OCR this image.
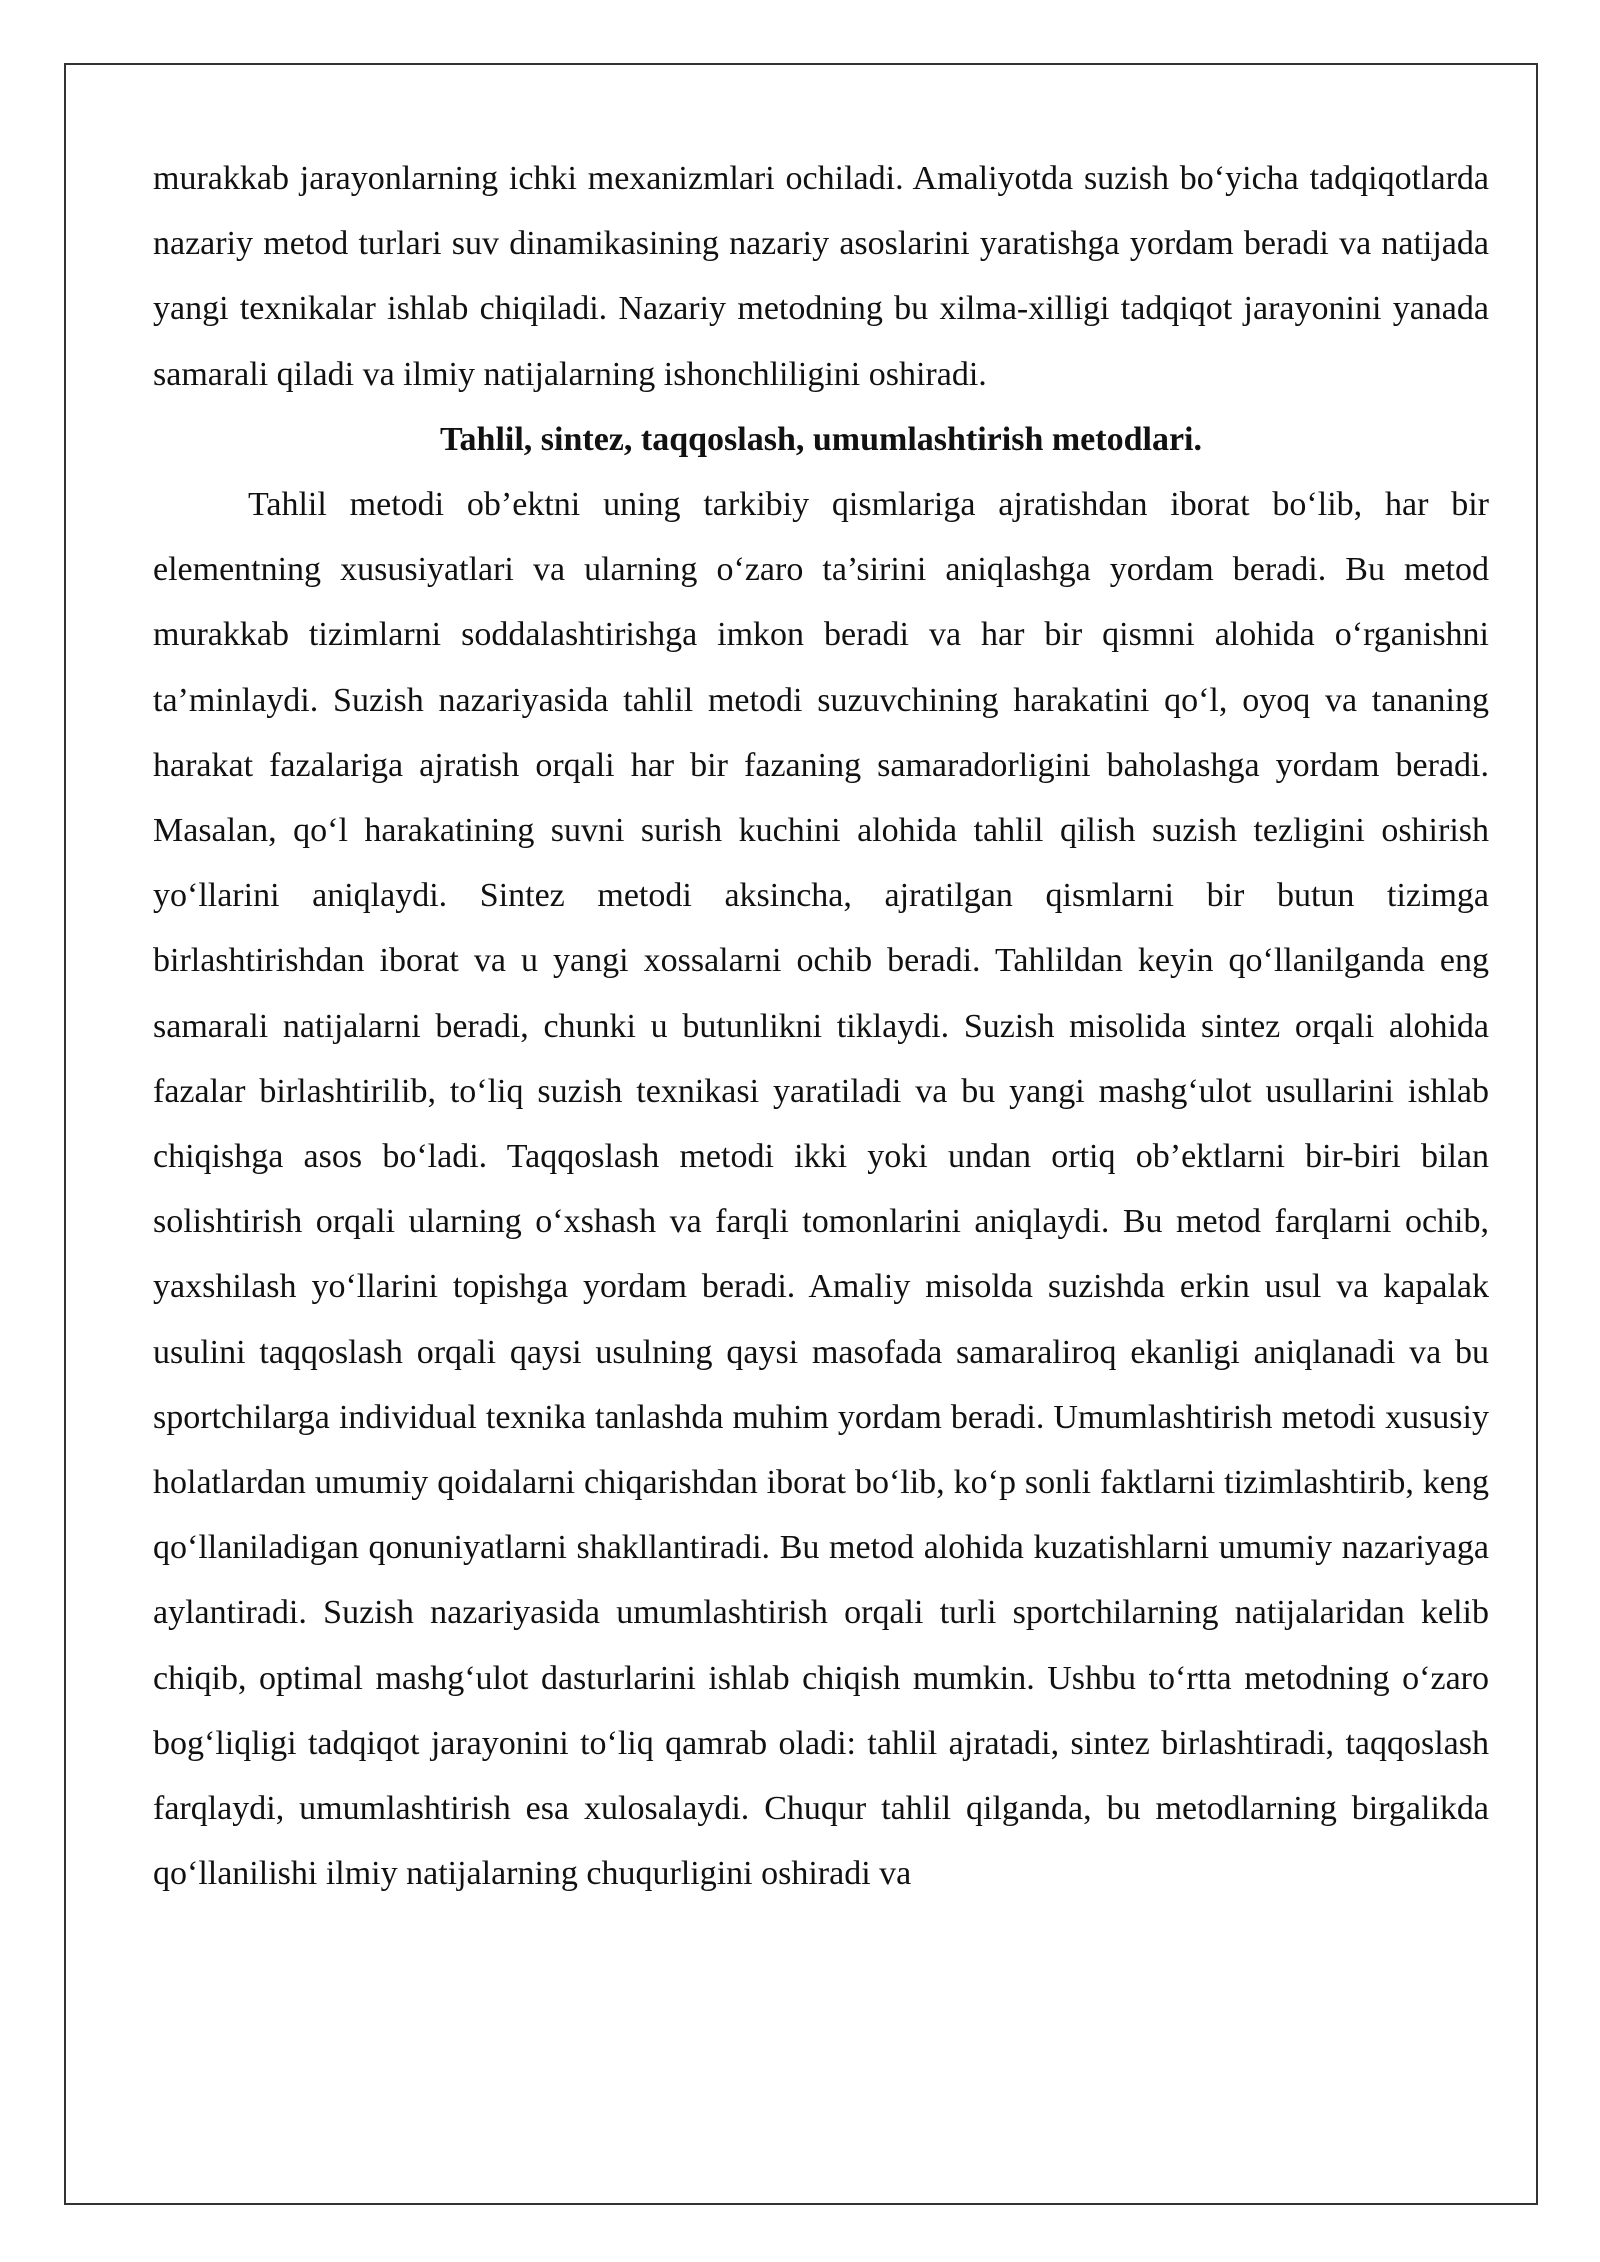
murakkab jarayonlarning ichki mexanizmlari ochiladi. Amaliyotda suzish bo‘yicha tadqiqotlarda nazariy metod turlari suv dinamikasining nazariy asoslarini yaratishga yordam beradi va natijada yangi texnikalar ishlab chiqiladi. Nazariy metodning bu xilma-xilligi tadqiqot jarayonini yanada samarali qiladi va ilmiy natijalarning ishonchliligini oshiradi.

Tahlil, sintez, taqqoslash, umumlashtirish metodlari.

Tahlil metodi ob’ektni uning tarkibiy qismlariga ajratishdan iborat bo‘lib, har bir elementning xususiyatlari va ularning o‘zaro ta’sirini aniqlashga yordam beradi. Bu metod murakkab tizimlarni soddalashtirishga imkon beradi va har bir qismni alohida o‘rganishni ta’minlaydi. Suzish nazariyasida tahlil metodi suzuvchining harakatini qo‘l, oyoq va tananing harakat fazalariga ajratish orqali har bir fazaning samaradorligini baholashga yordam beradi. Masalan, qo‘l harakatining suvni surish kuchini alohida tahlil qilish suzish tezligini oshirish yo‘llarini aniqlaydi. Sintez metodi aksincha, ajratilgan qismlarni bir butun tizimga birlashtirishdan iborat va u yangi xossalarni ochib beradi. Tahlildan keyin qo‘llanilganda eng samarali natijalarni beradi, chunki u butunlikni tiklaydi. Suzish misolida sintez orqali alohida fazalar birlashtirilib, to‘liq suzish texnikasi yaratiladi va bu yangi mashg‘ulot usullarini ishlab chiqishga asos bo‘ladi. Taqqoslash metodi ikki yoki undan ortiq ob’ektlarni bir-biri bilan solishtirish orqali ularning o‘xshash va farqli tomonlarini aniqlaydi. Bu metod farqlarni ochib, yaxshilash yo‘llarini topishga yordam beradi. Amaliy misolda suzishda erkin usul va kapalak usulini taqqoslash orqali qaysi usulning qaysi masofada samaraliroq ekanligi aniqlanadi va bu sportchilarga individual texnika tanlashda muhim yordam beradi. Umumlashtirish metodi xususiy holatlardan umumiy qoidalarni chiqarishdan iborat bo‘lib, ko‘p sonli faktlarni tizimlashtirib, keng qo‘llaniladigan qonuniyatlarni shakllantiradi. Bu metod alohida kuzatishlarni umumiy nazariyaga aylantiradi. Suzish nazariyasida umumlashtirish orqali turli sportchilarning natijalaridan kelib chiqib, optimal mashg‘ulot dasturlarini ishlab chiqish mumkin. Ushbu to‘rtta metodning o‘zaro bog‘liqligi tadqiqot jarayonini to‘liq qamrab oladi: tahlil ajratadi, sintez birlashtiradi, taqqoslash farqlaydi, umumlashtirish esa xulosalaydi. Chuqur tahlil qilganda, bu metodlarning birgalikda qo‘llanilishi ilmiy natijalarning chuqurligini oshiradi va
